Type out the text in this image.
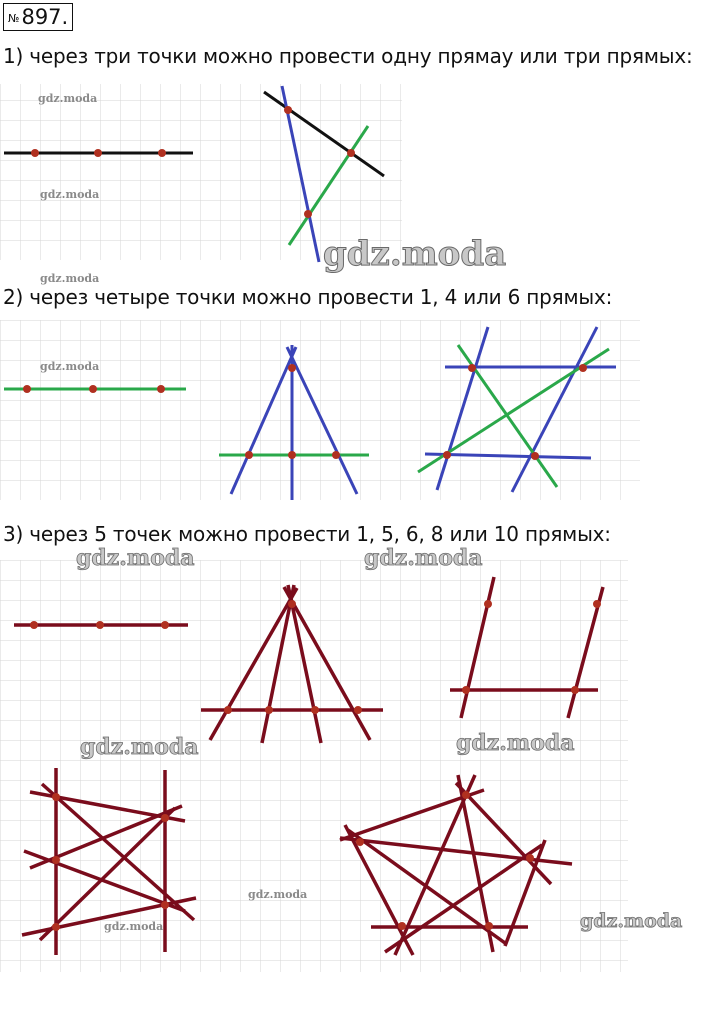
№897.
1) через три точки можно провести одну прямау или три прямых:
2) через четыре точки можно провести 1, 4 или 6 прямых:
3) через 5 точек можно провести 1, 5, 6, 8 или 10 прямых:
gdz.moda
gdz.moda
gdz.moda
gdz.moda
gdz.moda
gdz.moda	gdz.moda
gdz.moda	gdz.moda
gdz.moda
gdz.moda	gdz.moda
